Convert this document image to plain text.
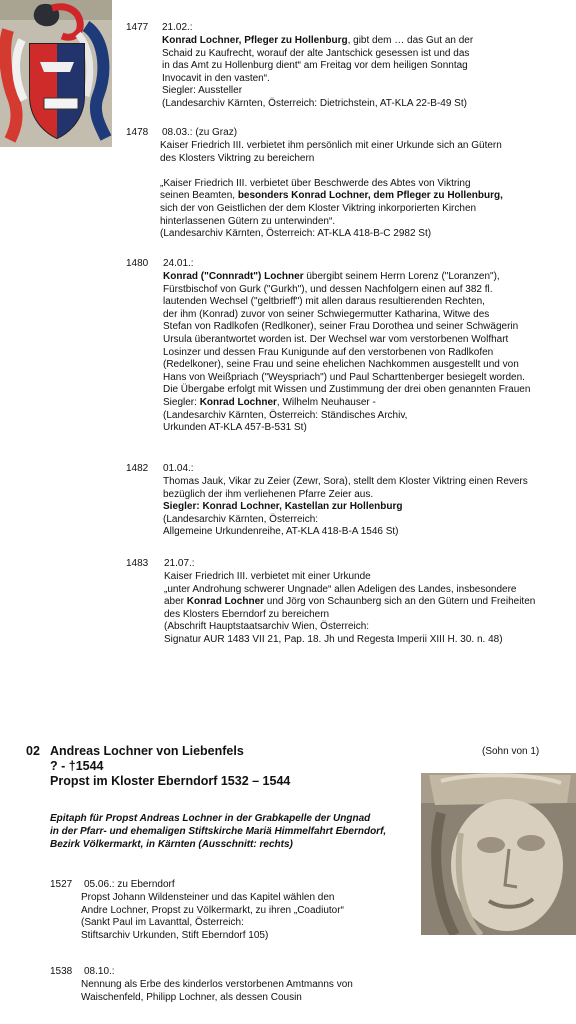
1477 21.02.:
Konrad Lochner, Pfleger zu Hollenburg, gibt dem … das Gut an der
Schaid zu Kaufrecht, worauf der alte Jantschick gesessen ist und das
in das Amt zu Hollenburg dient“ am Freitag vor dem heiligen Sonntag
Invocavit in den vasten“.
Siegler: Aussteller
(Landesarchiv Kärnten, Österreich: Dietrichstein, AT-KLA 22-B-49 St)
1478 08.03.: (zu Graz)
Kaiser Friedrich III. verbietet ihm persönlich mit einer Urkunde sich an Gütern
des Klosters Viktring zu bereichern

„Kaiser Friedrich III. verbietet über Beschwerde des Abtes von Viktring
seinen Beamten, besonders Konrad Lochner, dem Pfleger zu Hollenburg,
sich der von Geistlichen der dem Kloster Viktring inkorporierten Kirchen
hinterlassenen Gütern zu unterwinden“.
(Landesarchiv Kärnten, Österreich: AT-KLA 418-B-C 2982 St)
1480 24.01.:
Konrad ("Connradt") Lochner übergibt seinem Herrn Lorenz ("Loranzen"),
Fürstbischof von Gurk ("Gurkh"), und dessen Nachfolgern einen auf 382 fl.
lautenden Wechsel ("geltbrieff") mit allen daraus resultierenden Rechten,
der ihm (Konrad) zuvor von seiner Schwiegermutter Katharina, Witwe des
Stefan von Radlkofen (Redlkoner), seiner Frau Dorothea und seiner Schwägerin
Ursula überantwortet worden ist. Der Wechsel war vom verstorbenen Wolfhart
Losinzer und dessen Frau Kunigunde auf den verstorbenen von Radlkofen
(Redelkoner), seine Frau und seine ehelichen Nachkommen ausgestellt und von
Hans von Weißpriach ("Weyspriach") und Paul Scharttenberger besiegelt worden.
Die Übergabe erfolgt mit Wissen und Zustimmung der drei oben genannten Frauen
Siegler: Konrad Lochner, Wilhelm Neuhauser -
(Landesarchiv Kärnten, Österreich: Ständisches Archiv,
Urkunden AT-KLA 457-B-531 St)
1482 01.04.:
Thomas Jauk, Vikar zu Zeier (Zewr, Sora), stellt dem Kloster Viktring einen Revers
bezüglich der ihm verliehenen Pfarre Zeier aus.
Siegler: Konrad Lochner, Kastellan zur Hollenburg
(Landesarchiv Kärnten, Österreich:
Allgemeine Urkundenreihe, AT-KLA 418-B-A 1546 St)
1483 21.07.:
Kaiser Friedrich III. verbietet mit einer Urkunde
„unter Androhung schwerer Ungnade“ allen Adeligen des Landes, insbesondere
aber Konrad Lochner und Jörg von Schaunberg sich an den Gütern und Freiheiten
des Klosters Eberndorf zu bereichern
(Abschrift Hauptstaatsarchiv Wien, Österreich:
Signatur AUR 1483 VII 21, Pap. 18. Jh und Regesta Imperii XIII H. 30. n. 48)
02 Andreas Lochner von Liebenfels	(Sohn von 1)
? - †1544
Propst im Kloster Eberndorf 1532 – 1544
Epitaph für Propst Andreas Lochner in der Grabkapelle der Ungnad
in der Pfarr- und ehemaligen Stiftskirche Mariä Himmelfahrt Eberndorf,
Bezirk Völkermarkt, in Kärnten (Ausschnitt: rechts)
1527 05.06.: zu Eberndorf
Propst Johann Wildensteiner und das Kapitel wählen den
Andre Lochner, Propst zu Völkermarkt, zu ihren „Coadiutor“
(Sankt Paul im Lavanttal, Österreich:
Stiftsarchiv Urkunden, Stift Eberndorf 105)
1538 08.10.:
Nennung als Erbe des kinderlos verstorbenen Amtmanns von
Waischenfeld, Philipp Lochner, als dessen Cousin
